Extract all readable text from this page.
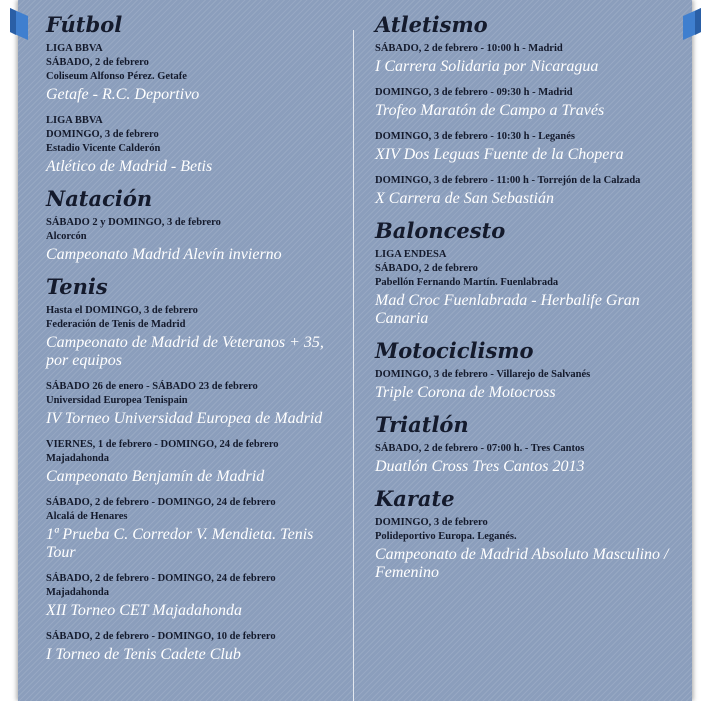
Fútbol
LIGA BBVA
SÁBADO, 2 de febrero
Coliseum Alfonso Pérez. Getafe
Getafe - R.C. Deportivo
LIGA BBVA
DOMINGO, 3 de febrero
Estadio Vicente Calderón
Atlético de Madrid - Betis
Natación
SÁBADO 2 y DOMINGO, 3 de febrero
Alcorcón
Campeonato Madrid Alevín invierno
Tenis
Hasta el DOMINGO, 3 de febrero
Federación de Tenis de Madrid
Campeonato de Madrid de Veteranos + 35, por equipos
SÁBADO 26 de enero - SÁBADO 23 de febrero
Universidad Europea Tenispain
IV Torneo Universidad Europea de Madrid
VIERNES, 1 de febrero - DOMINGO, 24 de febrero
Majadahonda
Campeonato Benjamín de Madrid
SÁBADO, 2 de febrero - DOMINGO, 24 de febrero
Alcalá de Henares
1ª Prueba C. Corredor V. Mendieta. Tenis Tour
SÁBADO, 2 de febrero - DOMINGO, 24 de febrero
Majadahonda
XII Torneo CET Majadahonda
SÁBADO, 2 de febrero - DOMINGO, 10 de febrero
I Torneo de Tenis Cadete Club
Atletismo
SÁBADO, 2 de febrero - 10:00 h - Madrid
I Carrera Solidaria por Nicaragua
DOMINGO, 3 de febrero - 09:30 h - Madrid
Trofeo Maratón de Campo a Través
DOMINGO, 3 de febrero - 10:30 h - Leganés
XIV Dos Leguas Fuente de la Chopera
DOMINGO, 3 de febrero - 11:00 h - Torrejón de la Calzada
X Carrera de San Sebastián
Baloncesto
LIGA ENDESA
SÁBADO, 2 de febrero
Pabellón Fernando Martín. Fuenlabrada
Mad Croc Fuenlabrada - Herbalife Gran Canaria
Motociclismo
DOMINGO, 3 de febrero - Villarejo de Salvanés
Triple Corona de Motocross
Triatlón
SÁBADO, 2 de febrero - 07:00 h. - Tres Cantos
Duatlón Cross Tres Cantos 2013
Karate
DOMINGO, 3 de febrero
Polideportivo Europa. Leganés.
Campeonato de Madrid Absoluto Masculino / Femenino
